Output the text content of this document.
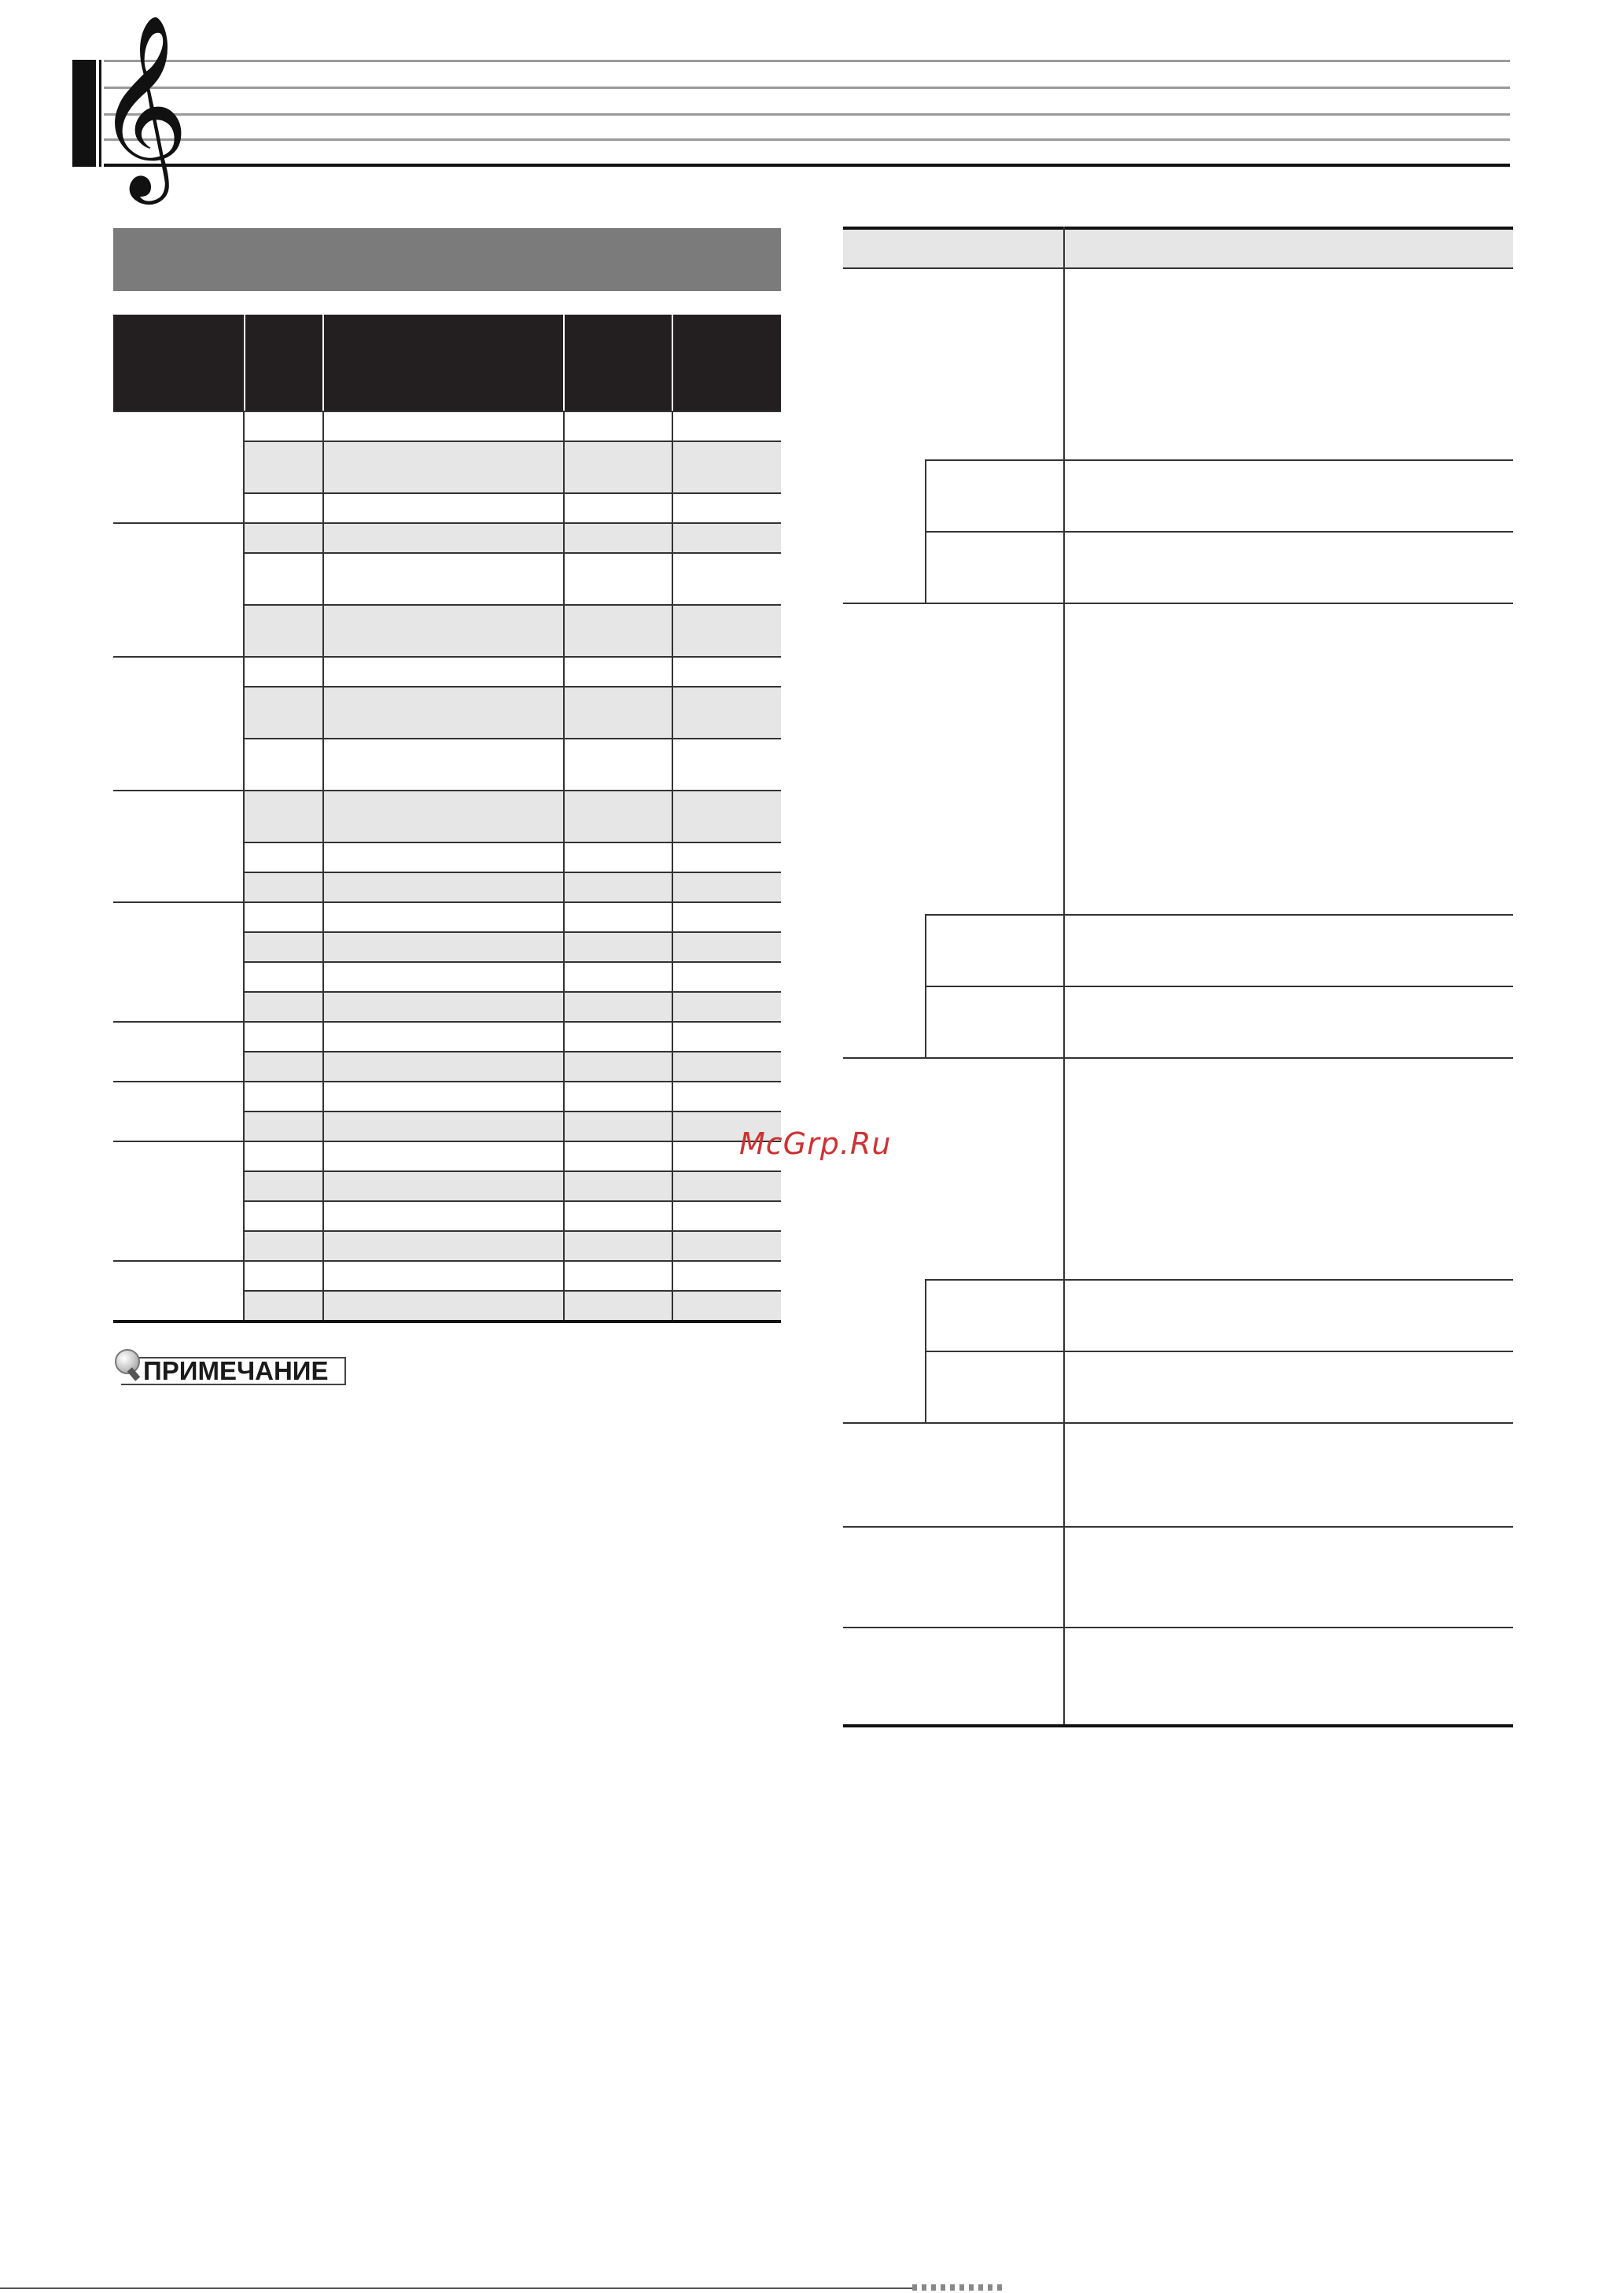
𝄞
ПРИМЕЧАНИЕ
McGrp.Ru
